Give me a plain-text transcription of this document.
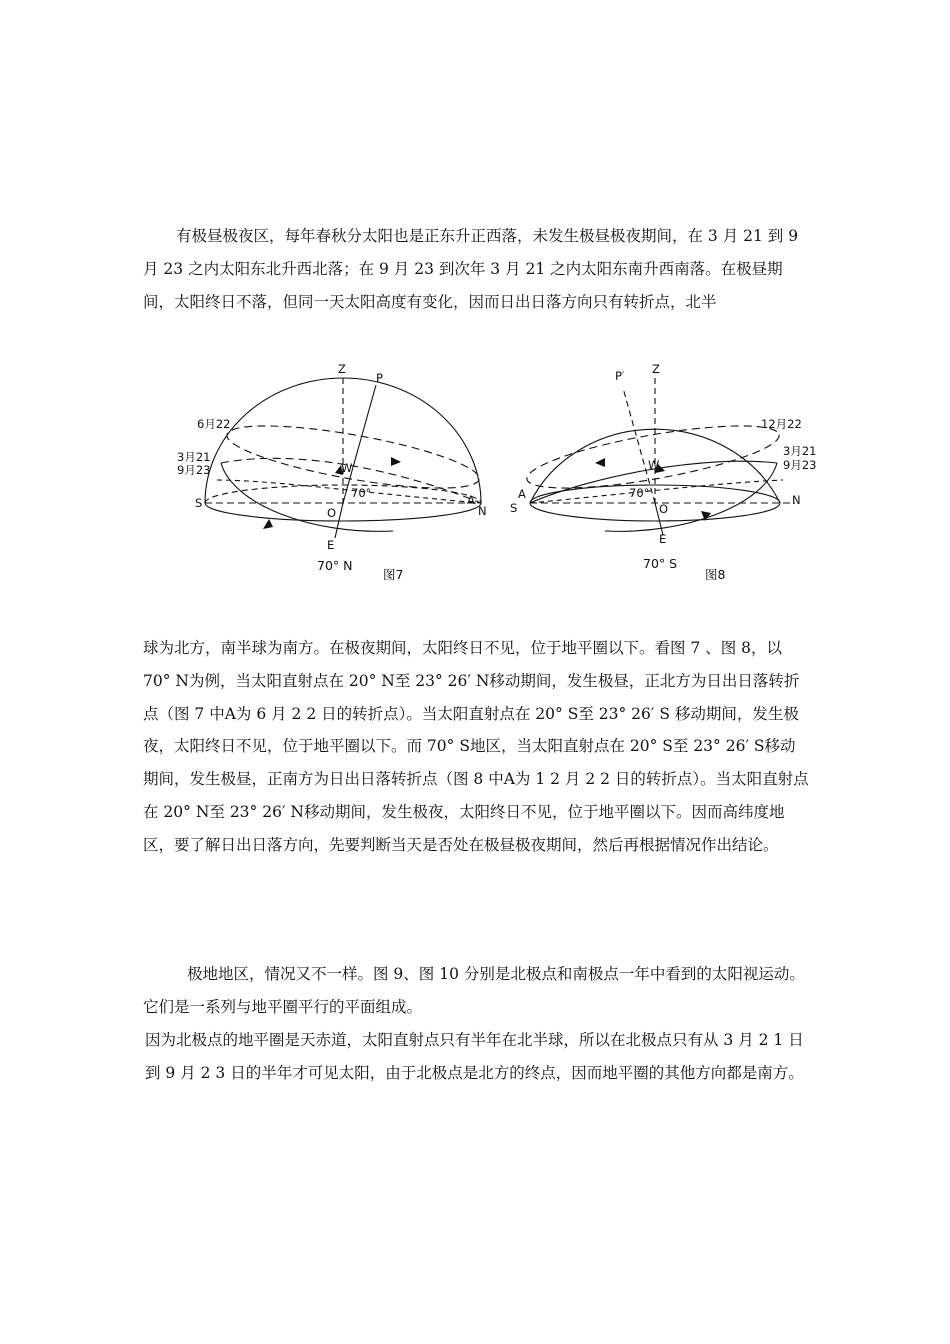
有极昼极夜区，每年春秋分太阳也是正东升正西落，未发生极昼极夜期间，在 3 月 21 到 9 月 23 之内太阳东北升西北落；在 9 月 23 到次年 3 月 21 之内太阳东南升西南落。在极昼期间，太阳终日不落，但同一天太阳高度有变化，因而日出日落方向只有转折点，北半

Z
P
6月22
3月21
9月23
S	A
N
W
70°
O
E
70° N
图7
Z
P′
12月22
3月21
9月23
A
S
N
W
70°
O
E
70° S
图8

球为北方，南半球为南方。在极夜期间，太阳终日不见，位于地平圈以下。看图 7 、图 8，以 70° N为例，当太阳直射点在 20° N至 23° 26′ N移动期间，发生极昼，正北方为日出日落转折点（图 7 中A为 6 月 2 2 日的转折点）。当太阳直射点在 20° S至 23° 26′ S 移动期间，发生极夜，太阳终日不见，位于地平圈以下。而 70° S地区，当太阳直射点在 20° S至 23° 26′ S移动期间，发生极昼，正南方为日出日落转折点（图 8 中A为 1 2 月 2 2 日的转折点）。当太阳直射点在 20° N至 23° 26′ N移动期间，发生极夜，太阳终日不见，位于地平圈以下。因而高纬度地区，要了解日出日落方向，先要判断当天是否处在极昼极夜期间，然后再根据情况作出结论。

极地地区，情况又不一样。图 9、图 10 分别是北极点和南极点一年中看到的太阳视运动。它们是一系列与地平圈平行的平面组成。

因为北极点的地平圈是天赤道，太阳直射点只有半年在北半球，所以在北极点只有从 3 月 2 1 日到 9 月 2 3 日的半年才可见太阳，由于北极点是北方的终点，因而地平圈的其他方向都是南方。
